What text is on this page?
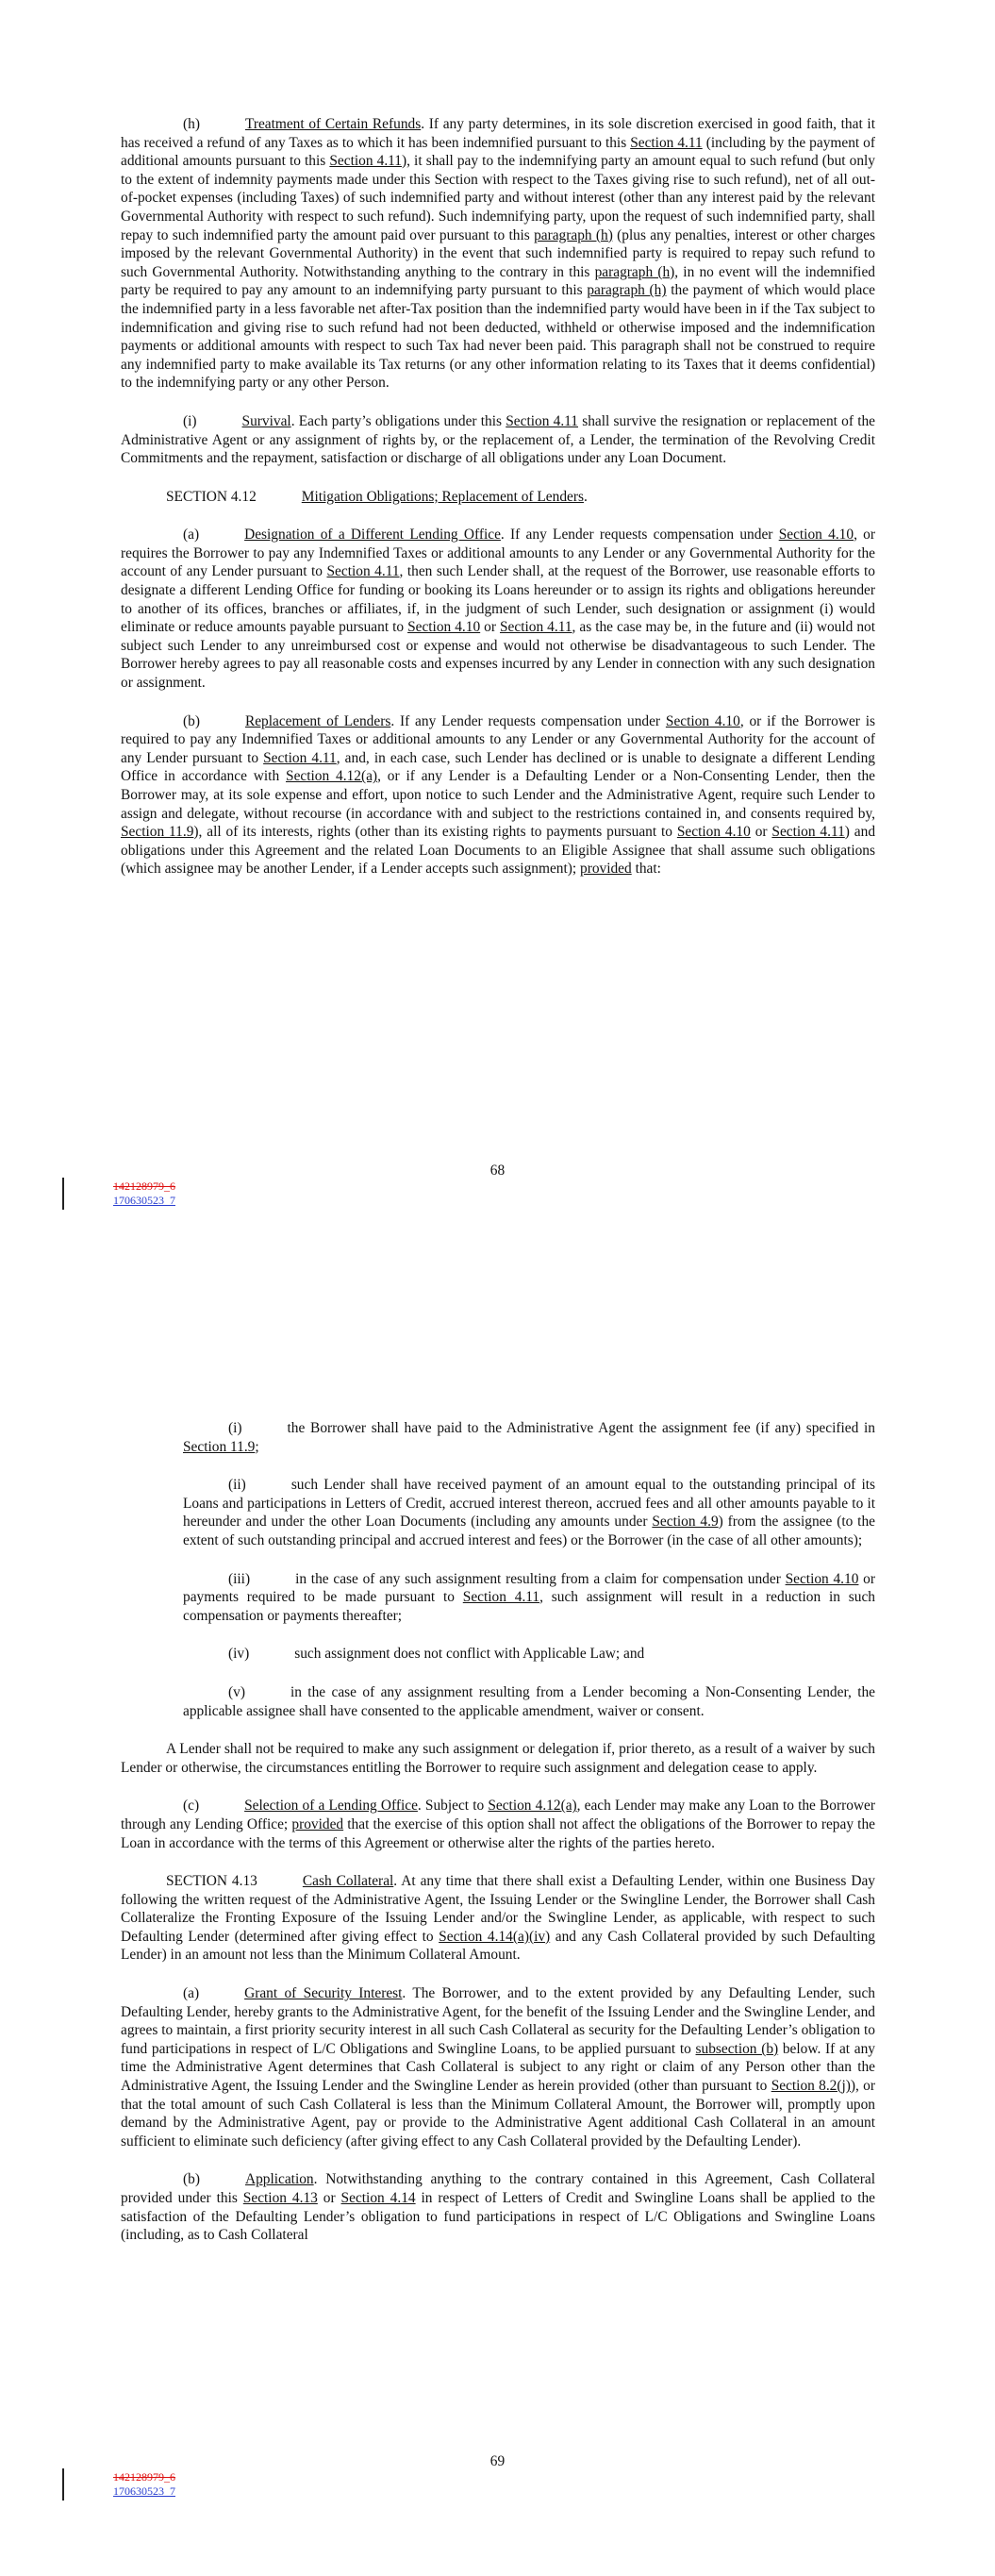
(h)	Treatment of Certain Refunds. If any party determines, in its sole discretion exercised in good faith, that it has received a refund of any Taxes as to which it has been indemnified pursuant to this Section 4.11 (including by the payment of additional amounts pursuant to this Section 4.11), it shall pay to the indemnifying party an amount equal to such refund (but only to the extent of indemnity payments made under this Section with respect to the Taxes giving rise to such refund), net of all out-of-pocket expenses (including Taxes) of such indemnified party and without interest (other than any interest paid by the relevant Governmental Authority with respect to such refund). Such indemnifying party, upon the request of such indemnified party, shall repay to such indemnified party the amount paid over pursuant to this paragraph (h) (plus any penalties, interest or other charges imposed by the relevant Governmental Authority) in the event that such indemnified party is required to repay such refund to such Governmental Authority. Notwithstanding anything to the contrary in this paragraph (h), in no event will the indemnified party be required to pay any amount to an indemnifying party pursuant to this paragraph (h) the payment of which would place the indemnified party in a less favorable net after-Tax position than the indemnified party would have been in if the Tax subject to indemnification and giving rise to such refund had not been deducted, withheld or otherwise imposed and the indemnification payments or additional amounts with respect to such Tax had never been paid. This paragraph shall not be construed to require any indemnified party to make available its Tax returns (or any other information relating to its Taxes that it deems confidential) to the indemnifying party or any other Person.

(i)	Survival. Each party’s obligations under this Section 4.11 shall survive the resignation or replacement of the Administrative Agent or any assignment of rights by, or the replacement of, a Lender, the termination of the Revolving Credit Commitments and the repayment, satisfaction or discharge of all obligations under any Loan Document.

SECTION 4.12	Mitigation Obligations; Replacement of Lenders.

(a)	Designation of a Different Lending Office. If any Lender requests compensation under Section 4.10, or requires the Borrower to pay any Indemnified Taxes or additional amounts to any Lender or any Governmental Authority for the account of any Lender pursuant to Section 4.11, then such Lender shall, at the request of the Borrower, use reasonable efforts to designate a different Lending Office for funding or booking its Loans hereunder or to assign its rights and obligations hereunder to another of its offices, branches or affiliates, if, in the judgment of such Lender, such designation or assignment (i) would eliminate or reduce amounts payable pursuant to Section 4.10 or Section 4.11, as the case may be, in the future and (ii) would not subject such Lender to any unreimbursed cost or expense and would not otherwise be disadvantageous to such Lender. The Borrower hereby agrees to pay all reasonable costs and expenses incurred by any Lender in connection with any such designation or assignment.

(b)	Replacement of Lenders. If any Lender requests compensation under Section 4.10, or if the Borrower is required to pay any Indemnified Taxes or additional amounts to any Lender or any Governmental Authority for the account of any Lender pursuant to Section 4.11, and, in each case, such Lender has declined or is unable to designate a different Lending Office in accordance with Section 4.12(a), or if any Lender is a Defaulting Lender or a Non-Consenting Lender, then the Borrower may, at its sole expense and effort, upon notice to such Lender and the Administrative Agent, require such Lender to assign and delegate, without recourse (in accordance with and subject to the restrictions contained in, and consents required by, Section 11.9), all of its interests, rights (other than its existing rights to payments pursuant to Section 4.10 or Section 4.11) and obligations under this Agreement and the related Loan Documents to an Eligible Assignee that shall assume such obligations (which assignee may be another Lender, if a Lender accepts such assignment); provided that:

68
142128979_6
170630523_7

(i)	the Borrower shall have paid to the Administrative Agent the assignment fee (if any) specified in Section 11.9;

(ii)	such Lender shall have received payment of an amount equal to the outstanding principal of its Loans and participations in Letters of Credit, accrued interest thereon, accrued fees and all other amounts payable to it hereunder and under the other Loan Documents (including any amounts under Section 4.9) from the assignee (to the extent of such outstanding principal and accrued interest and fees) or the Borrower (in the case of all other amounts);

(iii)	in the case of any such assignment resulting from a claim for compensation under Section 4.10 or payments required to be made pursuant to Section 4.11, such assignment will result in a reduction in such compensation or payments thereafter;

(iv)	such assignment does not conflict with Applicable Law; and

(v)	in the case of any assignment resulting from a Lender becoming a Non-Consenting Lender, the applicable assignee shall have consented to the applicable amendment, waiver or consent.

A Lender shall not be required to make any such assignment or delegation if, prior thereto, as a result of a waiver by such Lender or otherwise, the circumstances entitling the Borrower to require such assignment and delegation cease to apply.

(c)	Selection of a Lending Office. Subject to Section 4.12(a), each Lender may make any Loan to the Borrower through any Lending Office; provided that the exercise of this option shall not affect the obligations of the Borrower to repay the Loan in accordance with the terms of this Agreement or otherwise alter the rights of the parties hereto.

SECTION 4.13	Cash Collateral. At any time that there shall exist a Defaulting Lender, within one Business Day following the written request of the Administrative Agent, the Issuing Lender or the Swingline Lender, the Borrower shall Cash Collateralize the Fronting Exposure of the Issuing Lender and/or the Swingline Lender, as applicable, with respect to such Defaulting Lender (determined after giving effect to Section 4.14(a)(iv) and any Cash Collateral provided by such Defaulting Lender) in an amount not less than the Minimum Collateral Amount.

(a)	Grant of Security Interest. The Borrower, and to the extent provided by any Defaulting Lender, such Defaulting Lender, hereby grants to the Administrative Agent, for the benefit of the Issuing Lender and the Swingline Lender, and agrees to maintain, a first priority security interest in all such Cash Collateral as security for the Defaulting Lender’s obligation to fund participations in respect of L/C Obligations and Swingline Loans, to be applied pursuant to subsection (b) below. If at any time the Administrative Agent determines that Cash Collateral is subject to any right or claim of any Person other than the Administrative Agent, the Issuing Lender and the Swingline Lender as herein provided (other than pursuant to Section 8.2(j)), or that the total amount of such Cash Collateral is less than the Minimum Collateral Amount, the Borrower will, promptly upon demand by the Administrative Agent, pay or provide to the Administrative Agent additional Cash Collateral in an amount sufficient to eliminate such deficiency (after giving effect to any Cash Collateral provided by the Defaulting Lender).

(b)	Application. Notwithstanding anything to the contrary contained in this Agreement, Cash Collateral provided under this Section 4.13 or Section 4.14 in respect of Letters of Credit and Swingline Loans shall be applied to the satisfaction of the Defaulting Lender’s obligation to fund participations in respect of L/C Obligations and Swingline Loans (including, as to Cash Collateral

69
142128979_6
170630523_7
